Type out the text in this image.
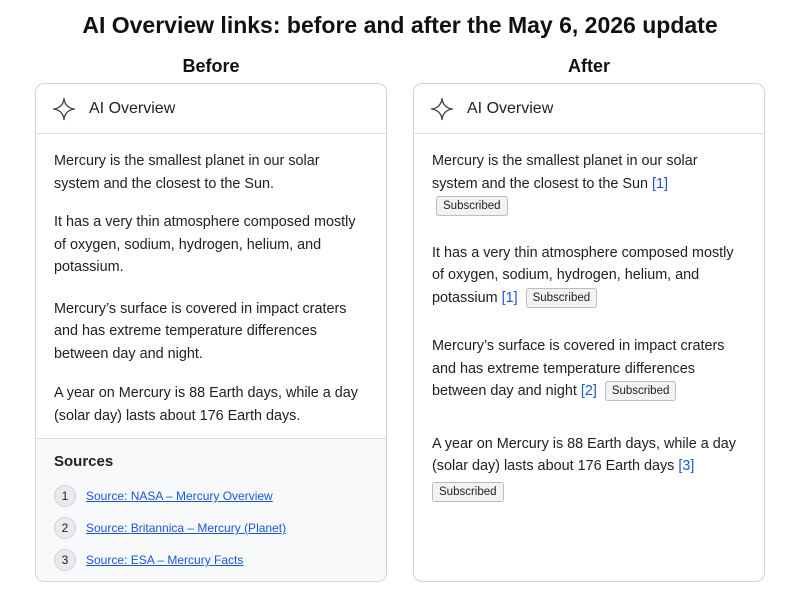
AI Overview links: before and after the May 6, 2026 update
Before	After
AI Overview

Mercury is the smallest planet in our solar system and the closest to the Sun.

It has a very thin atmosphere composed mostly of oxygen, sodium, hydrogen, helium, and potassium.

Mercury’s surface is covered in impact craters and has extreme temperature differences between day and night.

A year on Mercury is 88 Earth days, while a day (solar day) lasts about 176 Earth days.

Sources
1	Source: NASA – Mercury Overview
2	Source: Britannica – Mercury (Planet)
3	Source: ESA – Mercury Facts
AI Overview

Mercury is the smallest planet in our solar system and the closest to the Sun [1] Subscribed

It has a very thin atmosphere composed mostly of oxygen, sodium, hydrogen, helium, and potassium [1] Subscribed

Mercury’s surface is covered in impact craters and has extreme temperature differences between day and night [2] Subscribed

A year on Mercury is 88 Earth days, while a day (solar day) lasts about 176 Earth days [3]
Subscribed
